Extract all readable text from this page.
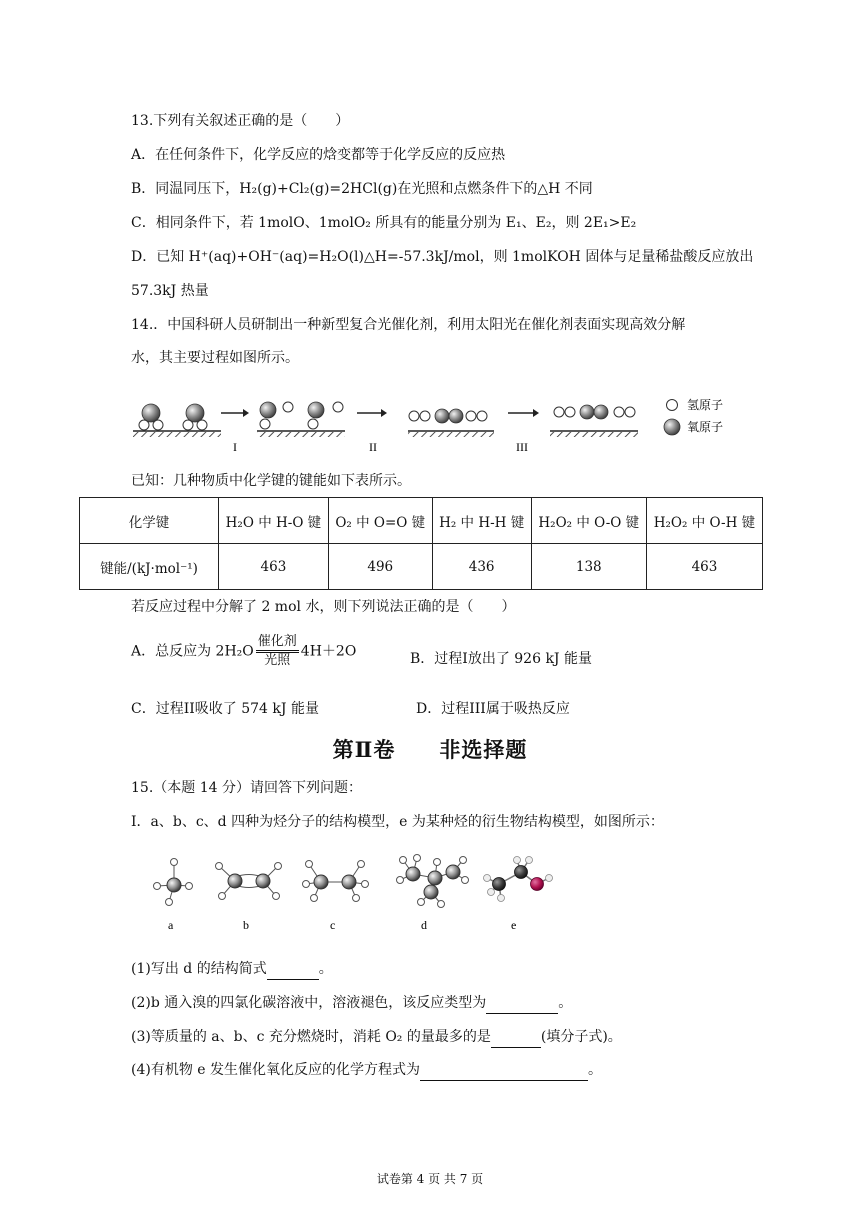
13.下列有关叙述正确的是（　　）
A．在任何条件下，化学反应的焓变都等于化学反应的反应热
B．同温同压下，H₂(g)+Cl₂(g)=2HCl(g)在光照和点燃条件下的△H 不同
C．相同条件下，若 1molO、1molO₂ 所具有的能量分别为 E₁、E₂，则 2E₁>E₂
D．已知 H⁺(aq)+OH⁻(aq)=H₂O(l)△H=-57.3kJ/mol，则 1molKOH 固体与足量稀盐酸反应放出
57.3kJ 热量
14.．中国科研人员研制出一种新型复合光催化剂，利用太阳光在催化剂表面实现高效分解
水，其主要过程如图所示。
I	II	III
氢原子
氧原子
已知：几种物质中化学键的键能如下表所示。
化学键	H₂O 中 H-O 键	O₂ 中 O=O 键	H₂ 中 H-H 键	H₂O₂ 中 O-O 键	H₂O₂ 中 O-H 键
键能/(kJ·mol⁻¹)	463	496	436	138	463
若反应过程中分解了 2 mol 水，则下列说法正确的是（　　）
A．总反应为 $2H_2O \frac{\text{催化剂}}{\text{光照}} 4H+2O$	B．过程I放出了 926 kJ 能量
C．过程II吸收了 574 kJ 能量	D．过程III属于吸热反应
第Ⅱ卷　　非选择题
15.（本题 14 分）请回答下列问题：
I．a、b、c、d 四种为烃分子的结构模型，e 为某种烃的衍生物结构模型，如图所示：
a	b	c	d	e
(1)写出 d 的结构简式	。
(2)b 通入溴的四氯化碳溶液中，溶液褪色，该反应类型为	。
(3)等质量的 a、b、c 充分燃烧时，消耗 O₂ 的量最多的是	(填分子式)。
(4)有机物 e 发生催化氧化反应的化学方程式为	。
试卷第 4 页 共 7 页
